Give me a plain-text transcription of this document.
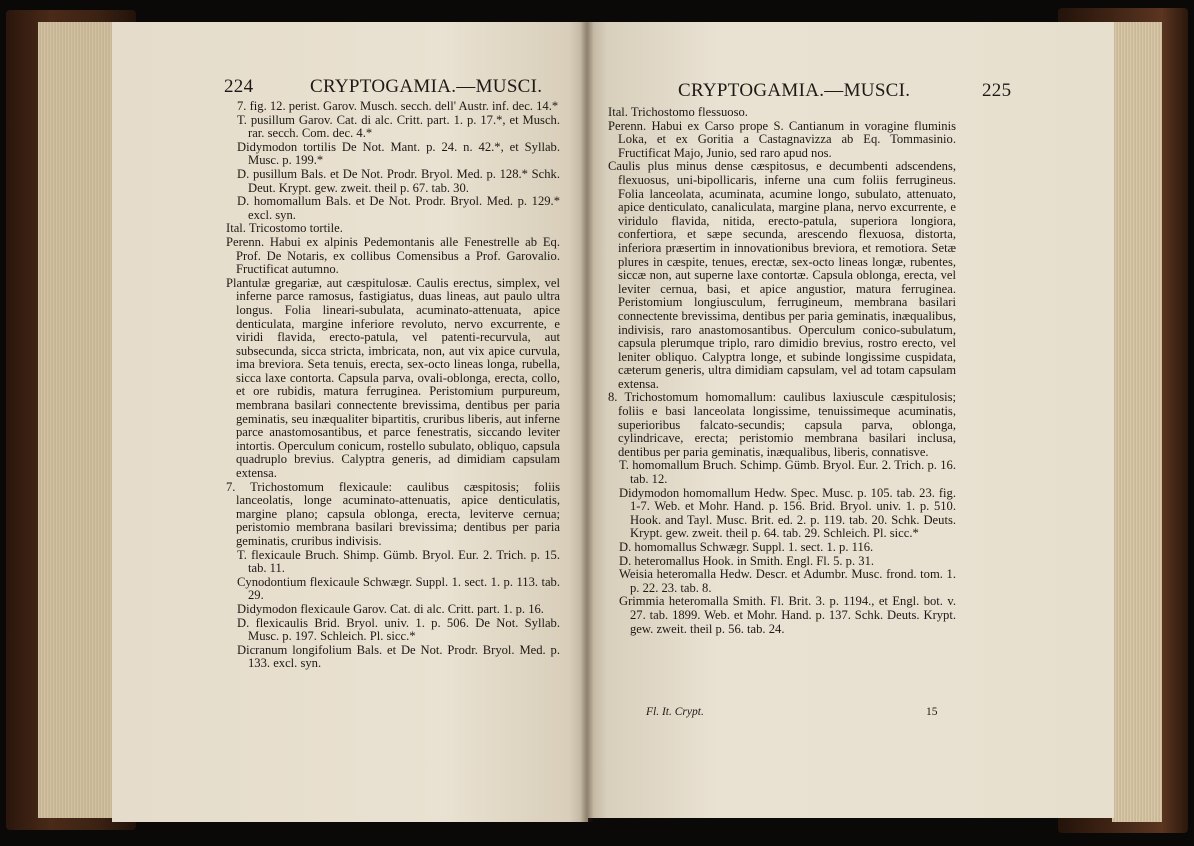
224	CRYPTOGAMIA.—MUSCI.

7. fig. 12. perist. Garov. Musch. secch. dell' Austr. inf. dec. 14.*

T. pusillum Garov. Cat. di alc. Critt. part. 1. p. 17.*, et Musch. rar. secch. Com. dec. 4.*

Didymodon tortilis De Not. Mant. p. 24. n. 42.*, et Syllab. Musc. p. 199.*

D. pusillum Bals. et De Not. Prodr. Bryol. Med. p. 128.* Schk. Deut. Krypt. gew. zweit. theil p. 67. tab. 30.

D. homomallum Bals. et De Not. Prodr. Bryol. Med. p. 129.* excl. syn.

Ital. Tricostomo tortile.

Perenn. Habui ex alpinis Pedemontanis alle Fenestrelle ab Eq. Prof. De Notaris, ex collibus Comensibus a Prof. Garovalio. Fructificat autumno.

Plantulæ gregariæ, aut cæspitulosæ. Caulis erectus, simplex, vel inferne parce ramosus, fastigiatus, duas lineas, aut paulo ultra longus. Folia lineari-subulata, acuminato-attenuata, apice denticulata, margine inferiore revoluto, nervo excurrente, e viridi flavida, erecto-patula, vel patenti-recurvula, aut subsecunda, sicca stricta, imbricata, non, aut vix apice curvula, ima breviora. Seta tenuis, erecta, sex-octo lineas longa, rubella, sicca laxe contorta. Capsula parva, ovali-oblonga, erecta, collo, et ore rubidis, matura ferruginea. Peristomium purpureum, membrana basilari connectente brevissima, dentibus per paria geminatis, seu inæqualiter bipartitis, cruribus liberis, aut inferne parce anastomosantibus, et parce fenestratis, siccando leviter intortis. Operculum conicum, rostello subulato, obliquo, capsula quadruplo brevius. Calyptra generis, ad dimidiam capsulam extensa.

7. Trichostomum flexicaule: caulibus cæspitosis; foliis lanceolatis, longe acuminato-attenuatis, apice denticulatis, margine plano; capsula oblonga, erecta, leviterve cernua; peristomio membrana basilari brevissima; dentibus per paria geminatis, cruribus indivisis.

T. flexicaule Bruch. Shimp. Gümb. Bryol. Eur. 2. Trich. p. 15. tab. 11.

Cynodontium flexicaule Schwægr. Suppl. 1. sect. 1. p. 113. tab. 29.

Didymodon flexicaule Garov. Cat. di alc. Critt. part. 1. p. 16.

D. flexicaulis Brid. Bryol. univ. 1. p. 506. De Not. Syllab. Musc. p. 197. Schleich. Pl. sicc.*

Dicranum longifolium Bals. et De Not. Prodr. Bryol. Med. p. 133. excl. syn.

CRYPTOGAMIA.—MUSCI.	225

Ital. Trichostomo flessuoso.

Perenn. Habui ex Carso prope S. Cantianum in voragine fluminis Loka, et ex Goritia a Castagnavizza ab Eq. Tommasinio. Fructificat Majo, Junio, sed raro apud nos.

Caulis plus minus dense cæspitosus, e decumbenti adscendens, flexuosus, uni-bipollicaris, inferne una cum foliis ferrugineus. Folia lanceolata, acuminata, acumine longo, subulato, attenuato, apice denticulato, canaliculata, margine plana, nervo excurrente, e viridulo flavida, nitida, erecto-patula, superiora longiora, confertiora, et sæpe secunda, arescendo flexuosa, distorta, inferiora præsertim in innovationibus breviora, et remotiora. Setæ plures in cæspite, tenues, erectæ, sex-octo lineas longæ, rubentes, siccæ non, aut superne laxe contortæ. Capsula oblonga, erecta, vel leviter cernua, basi, et apice angustior, matura ferruginea. Peristomium longiusculum, ferrugineum, membrana basilari connectente brevissima, dentibus per paria geminatis, inæqualibus, indivisis, raro anastomosantibus. Operculum conico-subulatum, capsula plerumque triplo, raro dimidio brevius, rostro erecto, vel leniter obliquo. Calyptra longe, et subinde longissime cuspidata, cæterum generis, ultra dimidiam capsulam, vel ad totam capsulam extensa.

8. Trichostomum homomallum: caulibus laxiuscule cæspitulosis; foliis e basi lanceolata longissime, tenuissimeque acuminatis, superioribus falcato-secundis; capsula parva, oblonga, cylindricave, erecta; peristomio membrana basilari inclusa, dentibus per paria geminatis, inæqualibus, liberis, connatisve.

T. homomallum Bruch. Schimp. Gümb. Bryol. Eur. 2. Trich. p. 16. tab. 12.

Didymodon homomallum Hedw. Spec. Musc. p. 105. tab. 23. fig. 1-7. Web. et Mohr. Hand. p. 156. Brid. Bryol. univ. 1. p. 510. Hook. and Tayl. Musc. Brit. ed. 2. p. 119. tab. 20. Schk. Deuts. Krypt. gew. zweit. theil p. 64. tab. 29. Schleich. Pl. sicc.*

D. homomallus Schwægr. Suppl. 1. sect. 1. p. 116.

D. heteromallus Hook. in Smith. Engl. Fl. 5. p. 31.

Weisia heteromalla Hedw. Descr. et Adumbr. Musc. frond. tom. 1. p. 22. 23. tab. 8.

Grimmia heteromalla Smith. Fl. Brit. 3. p. 1194., et Engl. bot. v. 27. tab. 1899. Web. et Mohr. Hand. p. 137. Schk. Deuts. Krypt. gew. zweit. theil p. 56. tab. 24.

Fl. It. Crypt.	15
